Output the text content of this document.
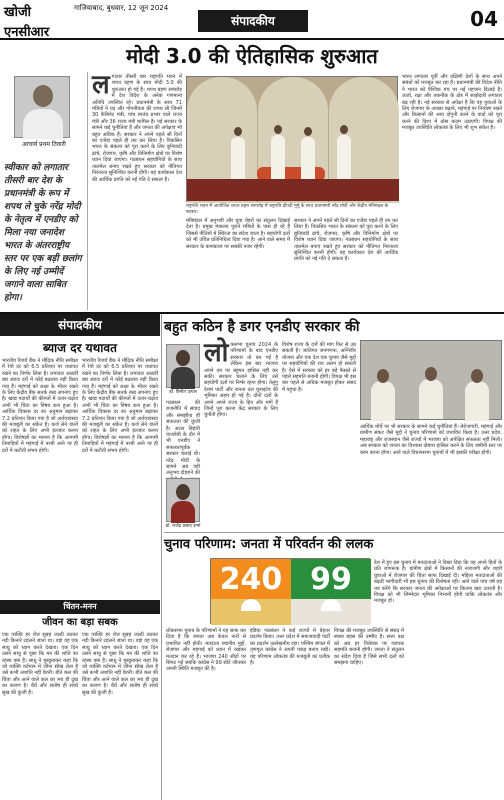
खोजी एनसीआर
गाजियाबाद, बुधवार, 12 जून 2024
संपादकीय	04
मोदी 3.0 की ऐतिहासिक शुरुआत
आचार्य प्रथम तिवारी
स्वीकार को लगातार तीसरी बार देश के प्रधानमंत्री के रूप में शपथ ले चुके नरेंद्र मोदी के नेतृत्व में एनडीए को मिला नया जनादेश भारत के अंतरराष्ट्रीय स्तर पर एक बड़ी छलांग के लिए नई उम्मीदें जगाने वाला साबित होगा।
लगातार तीसरी बार राष्ट्रपति भवन में शपथ ग्रहण के साथ मोदी 3.0 की शुरुआत हो गई है। शपथ ग्रहण समारोह में देश विदेश के अनेक गणमान्य अतिथि उपस्थित रहे। प्रधानमंत्री के साथ 71 मंत्रियों ने पद और गोपनीयता की शपथ ली जिनमें 30 कैबिनेट मंत्री, पांच स्वतंत्र प्रभार वाले राज्य मंत्री और 36 राज्य मंत्री शामिल हैं। नई सरकार के सामने कई चुनौतियां हैं और जनता की अपेक्षाएं भी बहुत अधिक हैं। सरकार ने अपने पहले सौ दिनों का एजेंडा पहले ही तय कर लिया है। विकसित भारत के संकल्प को पूरा करने के लिए बुनियादी ढांचे, रोजगार, कृषि और विनिर्माण क्षेत्रों पर विशेष ध्यान दिया जाएगा। गठबंधन सहयोगियों के साथ तालमेल बनाए रखते हुए सरकार को नीतिगत निरंतरता सुनिश्चित करनी होगी। यह कार्यकाल देश की आर्थिक प्रगति को नई गति दे सकता है।
राष्ट्रपति भवन में आयोजित शपथ ग्रहण समारोह में राष्ट्रपति द्रौपदी मुर्मू के साथ प्रधानमंत्री नरेंद्र मोदी और केंद्रीय मंत्रिमंडल के सदस्य।
मंत्रिमंडल में अनुभवी और युवा चेहरों का संतुलन दिखाई देता है। प्रमुख मंत्रालय पुराने मंत्रियों के पास ही रहे हैं जिससे नीतियों में स्थिरता का संदेश जाता है। सहयोगी दलों को भी उचित प्रतिनिधित्व दिया गया है। आने वाले समय में सरकार के कामकाज पर सबकी नजर रहेगी।
सरकार ने अपने पहले सौ दिनों का एजेंडा पहले ही तय कर लिया है। विकसित भारत के संकल्प को पूरा करने के लिए बुनियादी ढांचे, रोजगार, कृषि और विनिर्माण क्षेत्रों पर विशेष ध्यान दिया जाएगा। गठबंधन सहयोगियों के साथ तालमेल बनाए रखते हुए सरकार को नीतिगत निरंतरता सुनिश्चित करनी होगी। यह कार्यकाल देश की आर्थिक प्रगति को नई गति दे सकता है।
भारत लगातार पूर्वी और दक्षिणी देशों के साथ अपने संबंधों को मजबूत कर रहा है। प्रधानमंत्री की विदेश नीति ने भारत को वैश्विक मंच पर नई पहचान दिलाई है। ऊर्जा, रक्षा और तकनीक के क्षेत्र में साझेदारी लगातार बढ़ रही है। नई सरकार से अपेक्षा है कि वह युवाओं के लिए रोजगार के अवसर बढ़ाने, महंगाई पर नियंत्रण रखने और किसानों की आय दोगुनी करने के वादों को पूरा करने की दिशा में ठोस कदम उठाएगी। विपक्ष की मजबूत उपस्थिति लोकतंत्र के लिए भी शुभ संकेत है।
संपादकीय
ब्याज दर यथावत
भारतीय रिजर्व बैंक ने मौद्रिक नीति समीक्षा में रेपो दर को 6.5 प्रतिशत पर यथावत रखने का निर्णय लिया है। लगातार आठवीं बार ब्याज दरों में कोई बदलाव नहीं किया गया है। महंगाई को लक्ष्य के भीतर रखने के लिए केंद्रीय बैंक सतर्क रुख अपनाए हुए है। खाद्य पदार्थों की कीमतों में उतार-चढ़ाव अभी भी चिंता का विषय बना हुआ है। आर्थिक विकास दर का अनुमान बढ़ाकर 7.2 प्रतिशत किया गया है जो अर्थव्यवस्था की मजबूती का संकेत है। कर्ज लेने वालों को राहत के लिए अभी इंतजार करना होगा। विशेषज्ञों का मानना है कि आगामी तिमाहियों में महंगाई में नरमी आने पर ही दरों में कटौती संभव होगी।
भारतीय रिजर्व बैंक ने मौद्रिक नीति समीक्षा में रेपो दर को 6.5 प्रतिशत पर यथावत रखने का निर्णय लिया है। लगातार आठवीं बार ब्याज दरों में कोई बदलाव नहीं किया गया है। महंगाई को लक्ष्य के भीतर रखने के लिए केंद्रीय बैंक सतर्क रुख अपनाए हुए है। खाद्य पदार्थों की कीमतों में उतार-चढ़ाव अभी भी चिंता का विषय बना हुआ है। आर्थिक विकास दर का अनुमान बढ़ाकर 7.2 प्रतिशत किया गया है जो अर्थव्यवस्था की मजबूती का संकेत है। कर्ज लेने वालों को राहत के लिए अभी इंतजार करना होगा। विशेषज्ञों का मानना है कि आगामी तिमाहियों में महंगाई में नरमी आने पर ही दरों में कटौती संभव होगी।
चिंतन-मनन
जीवन का बड़ा सबक
एक व्यक्ति हर रोज सुबह जल्दी उठकर नदी किनारे टहलने जाता था। वहां वह एक साधु को ध्यान करते देखता। एक दिन उसने साधु से पूछा कि मन की शांति का रहस्य क्या है। साधु ने मुस्कुराकर कहा कि जो व्यक्ति वर्तमान में जीना सीख लेता है उसे कभी अशांति नहीं घेरती। बीते कल की चिंता और आने वाले कल का भय ही दुख का कारण है। धैर्य और संतोष ही सच्चे सुख की कुंजी हैं।
एक व्यक्ति हर रोज सुबह जल्दी उठकर नदी किनारे टहलने जाता था। वहां वह एक साधु को ध्यान करते देखता। एक दिन उसने साधु से पूछा कि मन की शांति का रहस्य क्या है। साधु ने मुस्कुराकर कहा कि जो व्यक्ति वर्तमान में जीना सीख लेता है उसे कभी अशांति नहीं घेरती। बीते कल की चिंता और आने वाले कल का भय ही दुख का कारण है। धैर्य और संतोष ही सच्चे सुख की कुंजी हैं।
बहुत कठिन है डगर एनडीए सरकार की
डॉ. विनीत उत्पल
लोकसभा चुनाव 2024 के परिणामों के बाद एनडीए सरकार तो बन गई है लेकिन इस बार भाजपा अपने दम पर बहुमत हासिल नहीं कर सकी। सरकार चलाने के लिए उसे सहयोगी दलों पर निर्भर रहना होगा। तेलुगु देशम पार्टी और जनता दल यूनाइटेड की भूमिका अहम हो गई है। दोनों दलों के अपने अपने राज्य के हित और मांगें हैं जिन्हें पूरा करना केंद्र सरकार के लिए चुनौती होगा।
विशेष राज्य के दर्जे की मांग फिर से उठ सकती है। जातिगत जनगणना, अग्निवीर योजना और एक देश एक चुनाव जैसे मुद्दों पर सहयोगियों की राय अलग हो सकती है। ऐसे में सरकार को हर बड़े फैसले से पहले सहमति बनानी होगी। विपक्ष भी इस बार पहले से अधिक मजबूत होकर संसद में पहुंचा है।
आर्थिक मोर्चे पर भी सरकार के सामने कई चुनौतियां हैं। बेरोजगारी, महंगाई और ग्रामीण संकट जैसे मुद्दों ने चुनाव परिणामों को प्रभावित किया है। उत्तर प्रदेश, महाराष्ट्र और राजस्थान जैसे राज्यों में भाजपा को अपेक्षित सफलता नहीं मिली। अब सरकार को जनता का विश्वास दोबारा हासिल करने के लिए जमीनी स्तर पर काम करना होगा। आने वाले विधानसभा चुनावों में भी इसकी परीक्षा होगी।
गठबंधन की राजनीति में संवाद और समझौता ही सफलता की कुंजी है। अटल बिहारी वाजपेयी के दौर में भी एनडीए ने सफलतापूर्वक सरकार चलाई थी। नरेंद्र मोदी के सामने अब वही अनुभव दोहराने की
चुनाव परिणाम: जनता में परिवर्तन की ललक
डॉ. राजेंद्र प्रसाद शर्मा
240 99
लोकसभा चुनाव के परिणामों ने यह साफ कर दिया है कि जनता अब केवल नारों से प्रभावित नहीं होती। मतदाता स्थानीय मुद्दों, रोजगार और महंगाई को ध्यान में रखकर मतदान कर रहे हैं। भाजपा 240 सीटों पर सिमट गई जबकि कांग्रेस ने 99 सीटें जीतकर अपनी स्थिति मजबूत की है।
इंडिया गठबंधन ने कई राज्यों में बेहतर प्रदर्शन किया। उत्तर प्रदेश में समाजवादी पार्टी का प्रदर्शन उल्लेखनीय रहा। पश्चिम बंगाल में तृणमूल कांग्रेस ने अपनी पकड़ बनाए रखी। यह परिणाम लोकतंत्र की मजबूती का प्रतीक है।
विपक्ष की मजबूत उपस्थिति से संसद में स्वस्थ बहस की उम्मीद है। सत्ता पक्ष को अब हर विधेयक पर व्यापक सहमति बनानी होगी। जनता ने संतुलन का संदेश दिया है जिसे सभी दलों को समझना चाहिए।
देश में हुए इस चुनाव में मतदाताओं ने दिखा दिया कि वह अपने हितों के प्रति जागरूक है। ग्रामीण क्षेत्रों में किसानों की नाराजगी और शहरी युवाओं में रोजगार की चिंता साफ दिखाई दी। महिला मतदाताओं की बढ़ती भागीदारी भी इस चुनाव की विशेषता रही। आने वाले पांच वर्ष यह तय करेंगे कि सरकार जनता की अपेक्षाओं पर कितना खरा उतरती है। विपक्ष को भी जिम्मेदार भूमिका निभानी होगी ताकि लोकतंत्र और मजबूत हो।
